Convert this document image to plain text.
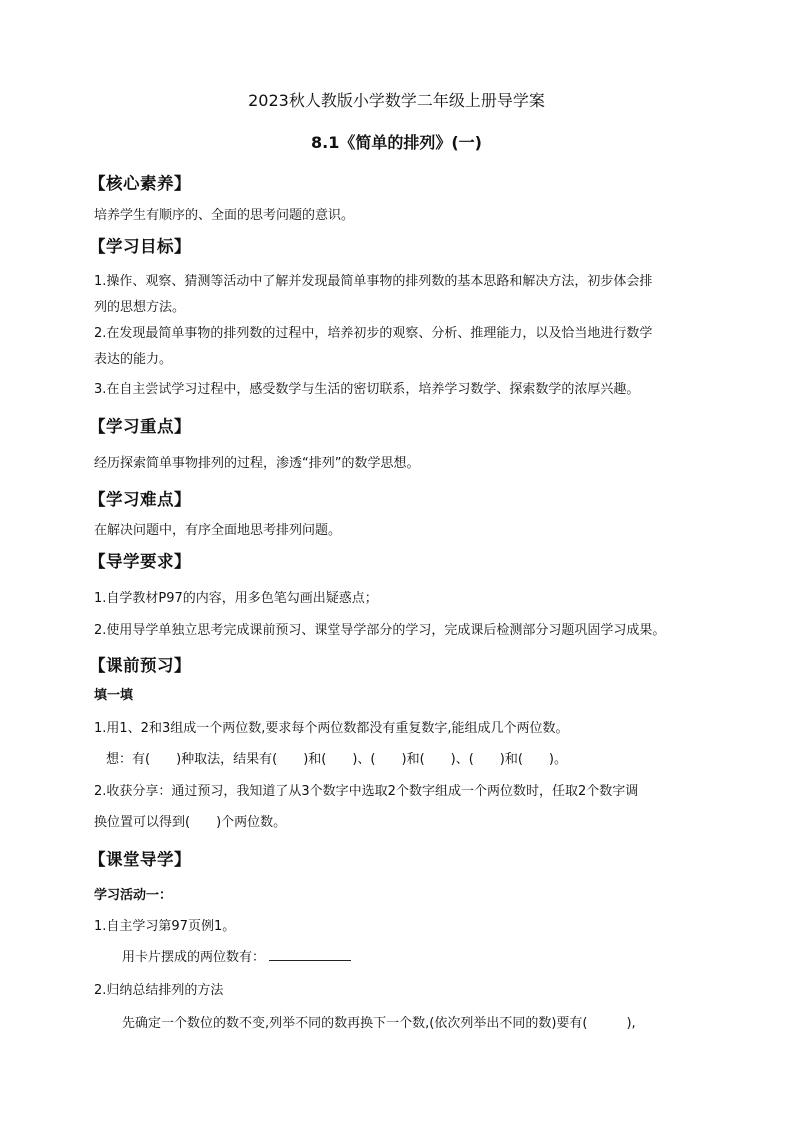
2023秋人教版小学数学二年级上册导学案
8.1《简单的排列》(一)
【核心素养】
培养学生有顺序的、全面的思考问题的意识。
【学习目标】
1.操作、观察、猜测等活动中了解并发现最简单事物的排列数的基本思路和解决方法，初步体会排
列的思想方法。
2.在发现最简单事物的排列数的过程中，培养初步的观察、分析、推理能力，以及恰当地进行数学
表达的能力。
3.在自主尝试学习过程中，感受数学与生活的密切联系，培养学习数学、探索数学的浓厚兴趣。
【学习重点】
经历探索简单事物排列的过程，渗透“排列”的数学思想。
【学习难点】
在解决问题中，有序全面地思考排列问题。
【导学要求】
1.自学教材P97的内容，用多色笔勾画出疑惑点；
2.使用导学单独立思考完成课前预习、课堂导学部分的学习，完成课后检测部分习题巩固学习成果。
【课前预习】
填一填
1.用1、2和3组成一个两位数,要求每个两位数都没有重复数字,能组成几个两位数。
想：有(　　)种取法，结果有(　　)和(　　)、(　　)和(　　)、(　　)和(　　)。
2.收获分享：通过预习，我知道了从3个数字中选取2个数字组成一个两位数时，任取2个数字调
换位置可以得到(　　)个两位数。
【课堂导学】
学习活动一：
1.自主学习第97页例1。
用卡片摆成的两位数有：
2.归纳总结排列的方法
先确定一个数位的数不变,列举不同的数再换下一个数,(依次列举出不同的数)要有(　　　),
